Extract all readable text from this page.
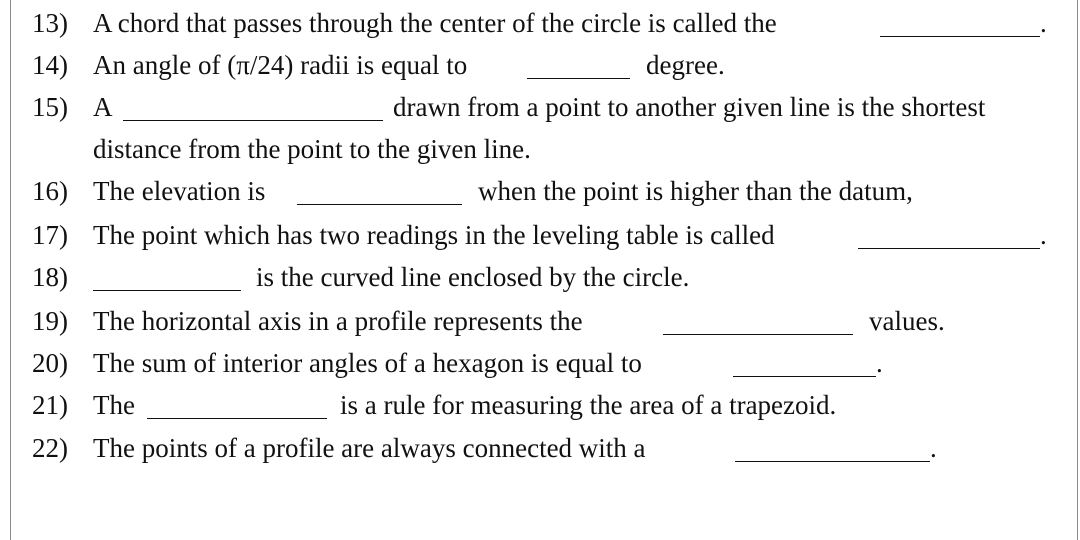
13) A chord that passes through the center of the circle is called the	.
14) An angle of (π/24) radii is equal to	degree.
15) A	drawn from a point to another given line is the shortest
distance from the point to the given line.
16) The elevation is	when the point is higher than the datum,
17) The point which has two readings in the leveling table is called	.
18)	is the curved line enclosed by the circle.
19) The horizontal axis in a profile represents the	values.
20) The sum of interior angles of a hexagon is equal to	.
21) The	is a rule for measuring the area of a trapezoid.
22) The points of a profile are always connected with a	.
